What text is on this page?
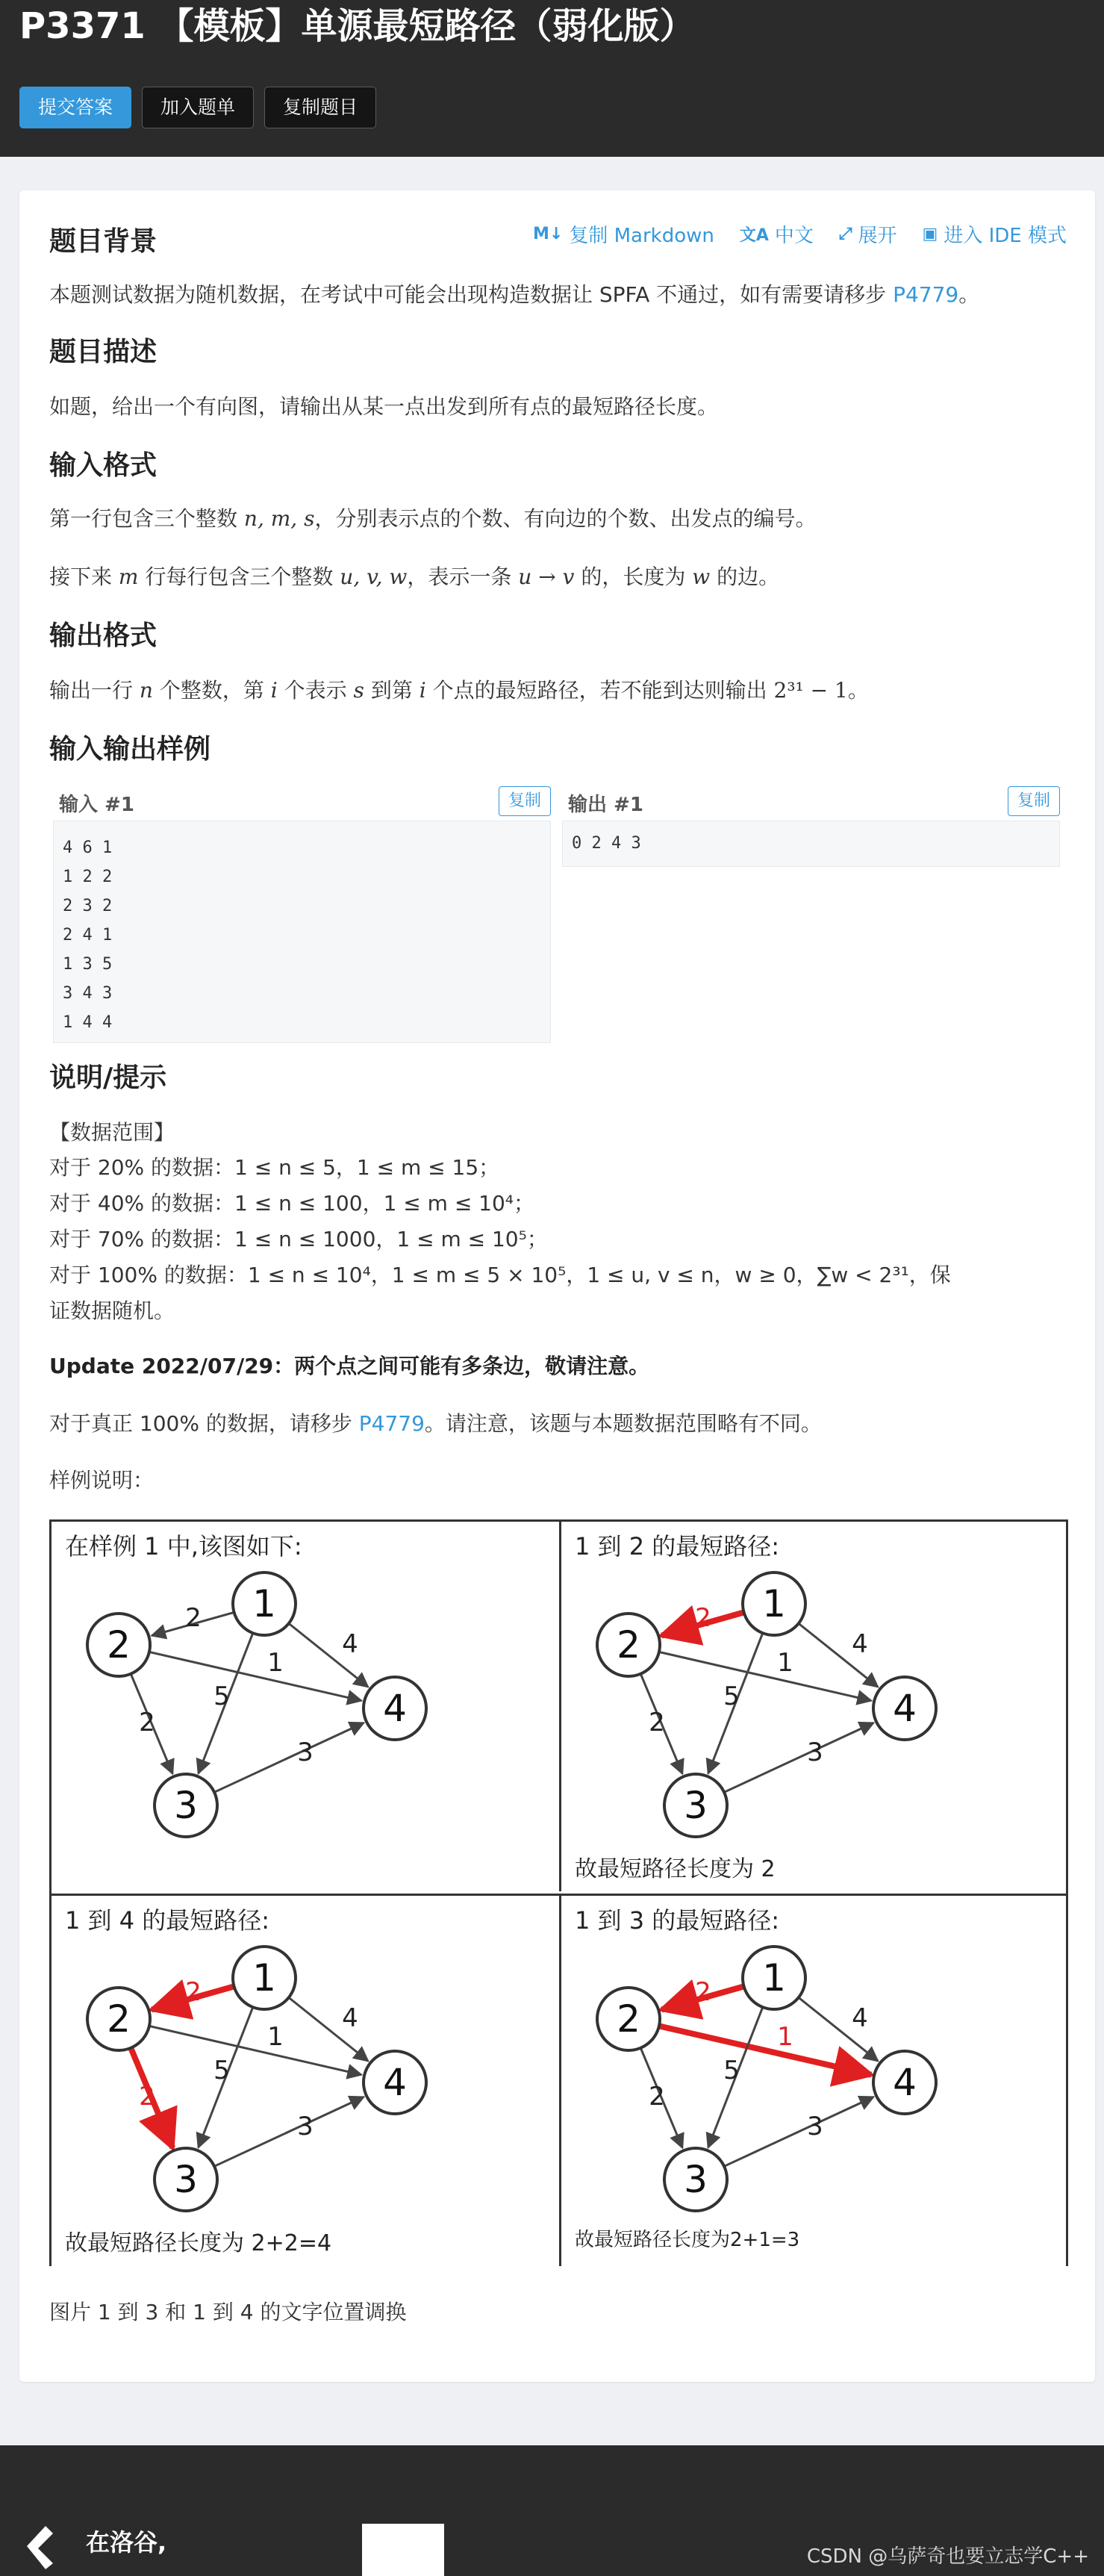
P3371 【模板】单源最短路径（弱化版）
提交答案	加入题单	复制题目
M↓ 复制 Markdown 文A 中文 ⤢ 展开 ▣ 进入 IDE 模式
题目背景
本题测试数据为随机数据，在考试中可能会出现构造数据让 SPFA 不通过，如有需要请移步 P4779。
题目描述
如题，给出一个有向图，请输出从某一点出发到所有点的最短路径长度。
输入格式
第一行包含三个整数 n, m, s，分别表示点的个数、有向边的个数、出发点的编号。
接下来 m 行每行包含三个整数 u, v, w，表示一条 u → v 的，长度为 w 的边。
输出格式
输出一行 n 个整数，第 i 个表示 s 到第 i 个点的最短路径，若不能到达则输出 2³¹ − 1。
输入输出样例
输入 #1	复制
4 6 1
1 2 2
2 3 2
2 4 1
1 3 5
3 4 3
1 4 4
输出 #1	复制
0 2 4 3
说明/提示
【数据范围】
对于 20% 的数据：1 ≤ n ≤ 5，1 ≤ m ≤ 15；
对于 40% 的数据：1 ≤ n ≤ 100，1 ≤ m ≤ 10⁴；
对于 70% 的数据：1 ≤ n ≤ 1000，1 ≤ m ≤ 10⁵；
对于 100% 的数据：1 ≤ n ≤ 10⁴，1 ≤ m ≤ 5 × 10⁵，1 ≤ u, v ≤ n，w ≥ 0，∑w < 2³¹，保
证数据随机。
Update 2022/07/29：两个点之间可能有多条边，敬请注意。
对于真正 100% 的数据，请移步 P4779。请注意，该题与本题数据范围略有不同。
样例说明：
在样例 1 中,该图如下:
2
1
4
2
5
3
1
2
3
4
1 到 2 的最短路径:
2
1
4
2
5
3
1
2
3
4
故最短路径长度为 2
1 到 4 的最短路径:
2
1
4
2
5
3
1
2
3
4
故最短路径长度为 2+2=4
1 到 3 的最短路径:
2
1
4
2
5
3
1
2
3
4
故最短路径长度为2+1=3
图片 1 到 3 和 1 到 4 的文字位置调换
在洛谷,	CSDN @乌萨奇也要立志学C++
